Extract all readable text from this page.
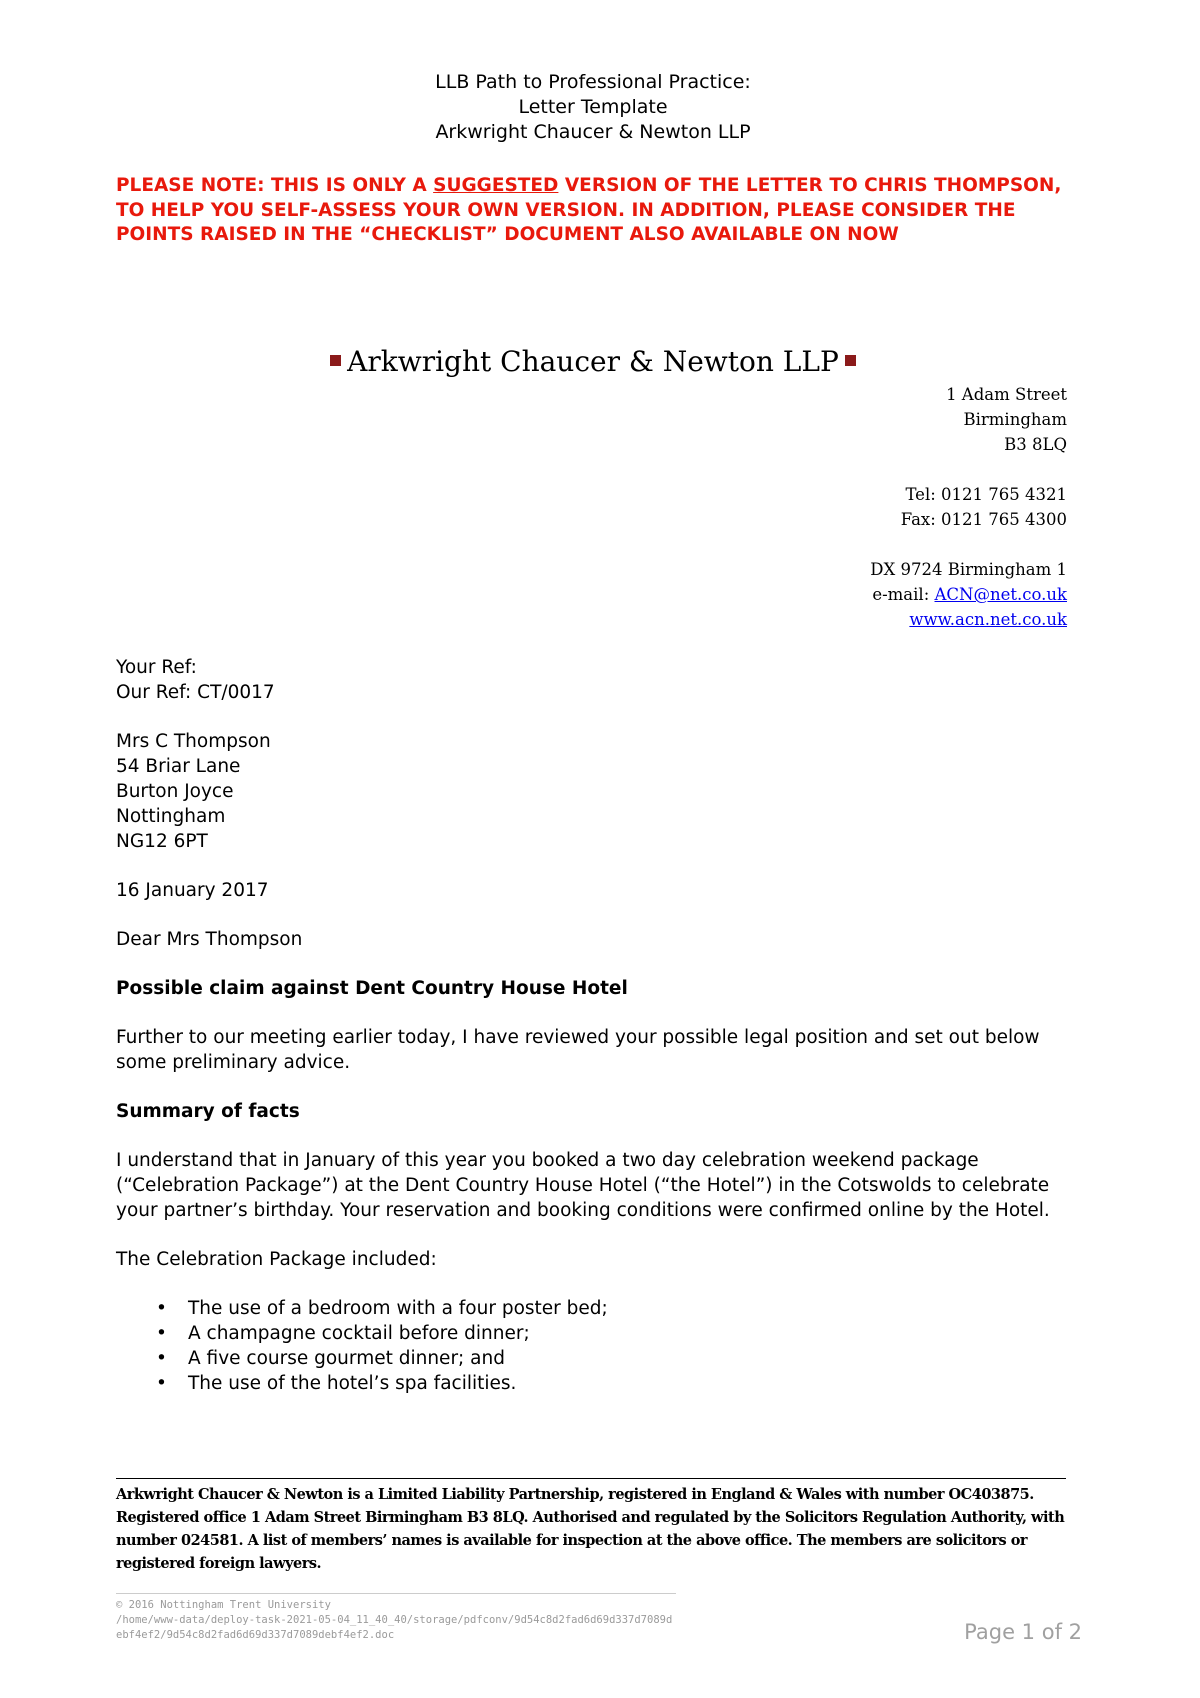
LLB Path to Professional Practice:
Letter Template
Arkwright Chaucer & Newton LLP
PLEASE NOTE: THIS IS ONLY A SUGGESTED VERSION OF THE LETTER TO CHRIS THOMPSON, TO HELP YOU SELF-ASSESS YOUR OWN VERSION. IN ADDITION, PLEASE CONSIDER THE POINTS RAISED IN THE “CHECKLIST” DOCUMENT ALSO AVAILABLE ON NOW
Arkwright Chaucer & Newton LLP
1 Adam Street
Birmingham
B3 8LQ
Tel: 0121 765 4321
Fax: 0121 765 4300
DX 9724 Birmingham 1
e-mail: ACN@net.co.uk
www.acn.net.co.uk

Your Ref:

Our Ref: CT/0017

Mrs C Thompson

54 Briar Lane

Burton Joyce

Nottingham

NG12 6PT

16 January 2017

Dear Mrs Thompson

Possible claim against Dent Country House Hotel

Further to our meeting earlier today, I have reviewed your possible legal position and set out below some preliminary advice.

Summary of facts

I understand that in January of this year you booked a two day celebration weekend package (“Celebration Package”) at the Dent Country House Hotel (“the Hotel”) in the Cotswolds to celebrate your partner’s birthday. Your reservation and booking conditions were confirmed online by the Hotel.

The Celebration Package included:

• The use of a bedroom with a four poster bed;
• A champagne cocktail before dinner;
• A five course gourmet dinner; and
• The use of the hotel’s spa facilities.
Arkwright Chaucer & Newton is a Limited Liability Partnership, registered in England & Wales with number OC403875. Registered office 1 Adam Street Birmingham B3 8LQ. Authorised and regulated by the Solicitors Regulation Authority, with number 024581. A list of members’ names is available for inspection at the above office. The members are solicitors or registered foreign lawyers.
© 2016 Nottingham Trent University
/home/www-data/deploy-task-2021-05-04_11_40_40/storage/pdfconv/9d54c8d2fad6d69d337d7089debf4ef2/9d54c8d2fad6d69d337d7089debf4ef2.doc	Page 1 of 2
